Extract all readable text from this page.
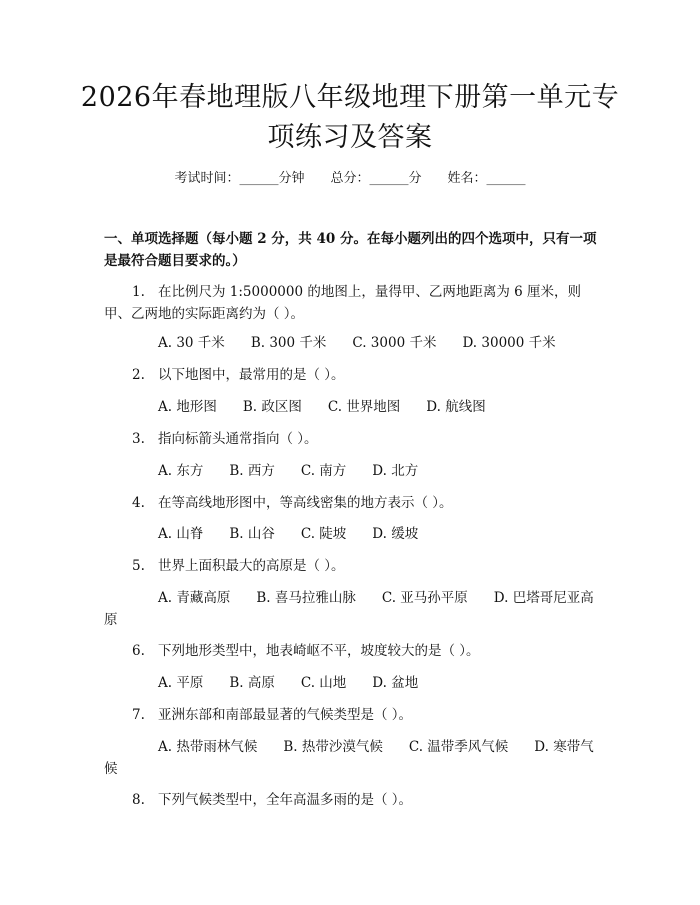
2026年春地理版八年级地理下册第一单元专
项练习及答案
考试时间：______分钟 总分：______分 姓名：______
一、单项选择题（每小题 2 分，共 40 分。在每小题列出的四个选项中，只有一项是最符合题目要求的。）
1. 在比例尺为 1:5000000 的地图上，量得甲、乙两地距离为 6 厘米，则甲、乙两地的实际距离约为（ ）。
A. 30 千米 B. 300 千米 C. 3000 千米 D. 30000 千米
2. 以下地图中，最常用的是（ ）。
A. 地形图 B. 政区图 C. 世界地图 D. 航线图
3. 指向标箭头通常指向（ ）。
A. 东方 B. 西方 C. 南方 D. 北方
4. 在等高线地形图中，等高线密集的地方表示（ ）。
A. 山脊 B. 山谷 C. 陡坡 D. 缓坡
5. 世界上面积最大的高原是（ ）。
A. 青藏高原 B. 喜马拉雅山脉 C. 亚马孙平原 D. 巴塔哥尼亚高原
6. 下列地形类型中，地表崎岖不平，坡度较大的是（ ）。
A. 平原 B. 高原 C. 山地 D. 盆地
7. 亚洲东部和南部最显著的气候类型是（ ）。
A. 热带雨林气候 B. 热带沙漠气候 C. 温带季风气候 D. 寒带气候
8. 下列气候类型中，全年高温多雨的是（ ）。
